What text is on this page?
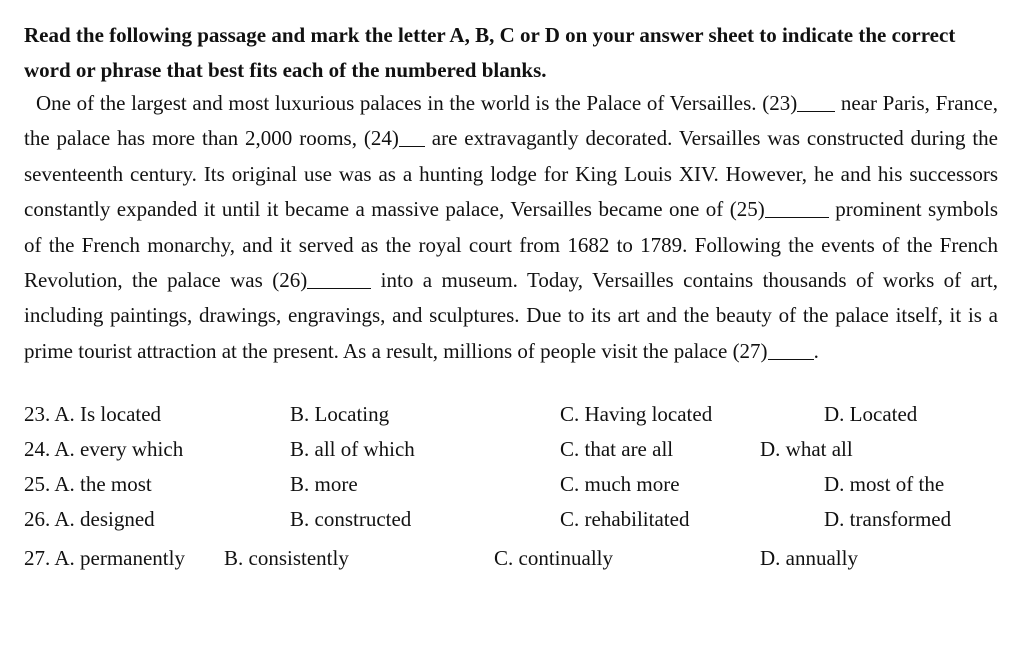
Read the following passage and mark the letter A, B, C or D on your answer sheet to indicate the correct word or phrase that best fits each of the numbered blanks.
One of the largest and most luxurious palaces in the world is the Palace of Versailles. (23) near Paris, France, the palace has more than 2,000 rooms, (24) are extravagantly decorated. Versailles was constructed during the seventeenth century. Its original use was as a hunting lodge for King Louis XIV. However, he and his successors constantly expanded it until it became a massive palace, Versailles became one of (25)	prominent symbols of the French monarchy, and it served as the royal court from 1682 to 1789. Following the events of the French Revolution, the palace was (26)	into a museum. Today, Versailles contains thousands of works of art, including paintings, drawings, engravings, and sculptures. Due to its art and the beauty of the palace itself, it is a prime tourist attraction at the present. As a result, millions of people visit the palace (27) .
23. A. Is located	B. Locating	C. Having located	D. Located
24. A. every which	B. all of which	C. that are all	D. what all
25. A. the most	B. more	C. much more	D. most of the
26. A. designed	B. constructed	C. rehabilitated	D. transformed
27. A. permanently B. consistently	C. continually	D. annually
